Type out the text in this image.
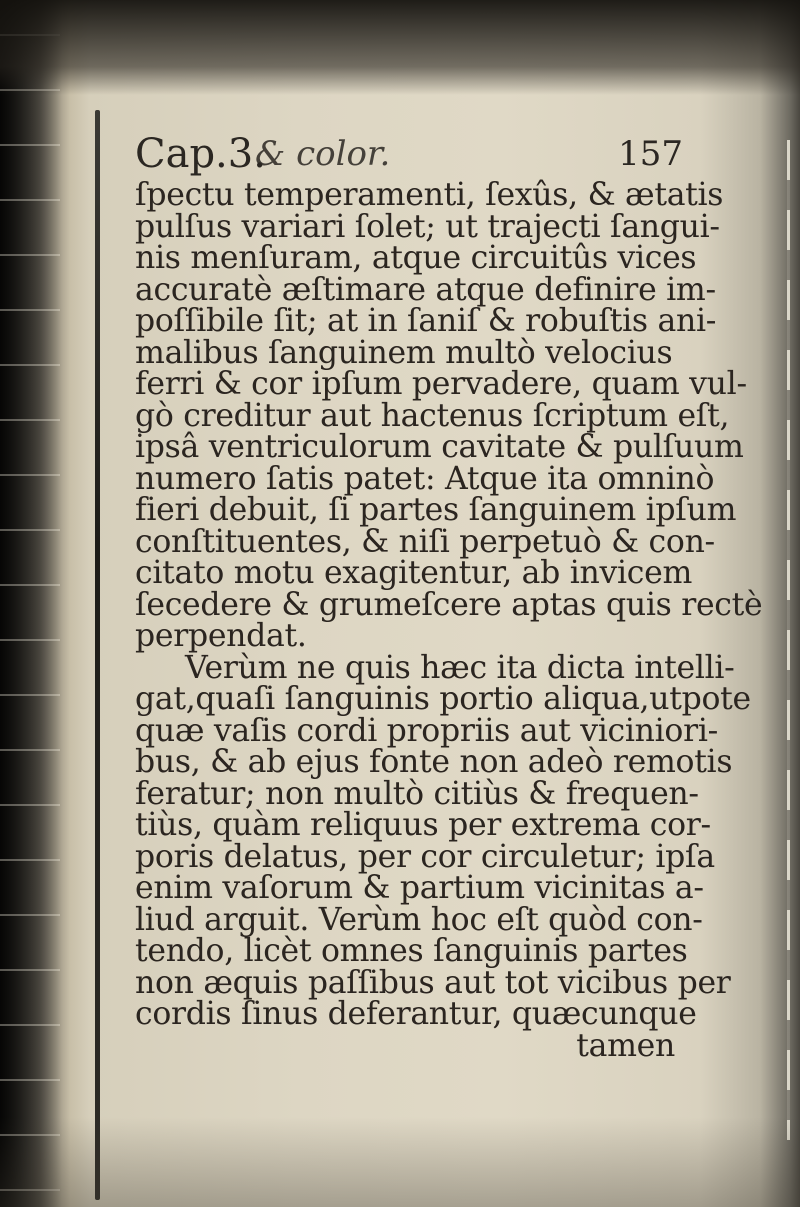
Cap.3.
& color.	157
ſpectu temperamenti, ſexûs, & ætatis
pulſus variari ſolet; ut trajecti ſangui-
nis menſuram, atque circuitûs vices
accuratè æſtimare atque definire im-
poſſibile ſit; at in ſaniſ & robuſtis ani-
malibus ſanguinem multò velocius
ferri & cor ipſum pervadere, quam vul-
gò creditur aut hactenus ſcriptum eſt,
ipsâ ventriculorum cavitate & pulſuum
numero ſatis patet: Atque ita omninò
fieri debuit, ſi partes ſanguinem ipſum
conſtituentes, & niſi perpetuò & con-
citato motu exagitentur, ab invicem
ſecedere & grumeſcere aptas quis rectè
perpendat.
Verùm ne quis hæc ita dicta intelli-
gat,quaſi ſanguinis portio aliqua,utpote
quæ vaſis cordi propriis aut viciniori-
bus, & ab ejus fonte non adeò remotis
feratur; non multò citiùs & frequen-
tiùs, quàm reliquus per extrema cor-
poris delatus, per cor circuletur; ipſa
enim vaſorum & partium vicinitas a-
liud arguit. Verùm hoc eſt quòd con-
tendo, licèt omnes ſanguinis partes
non æquis paſſibus aut tot vicibus per
cordis ſinus deferantur, quæcunque
tamen
